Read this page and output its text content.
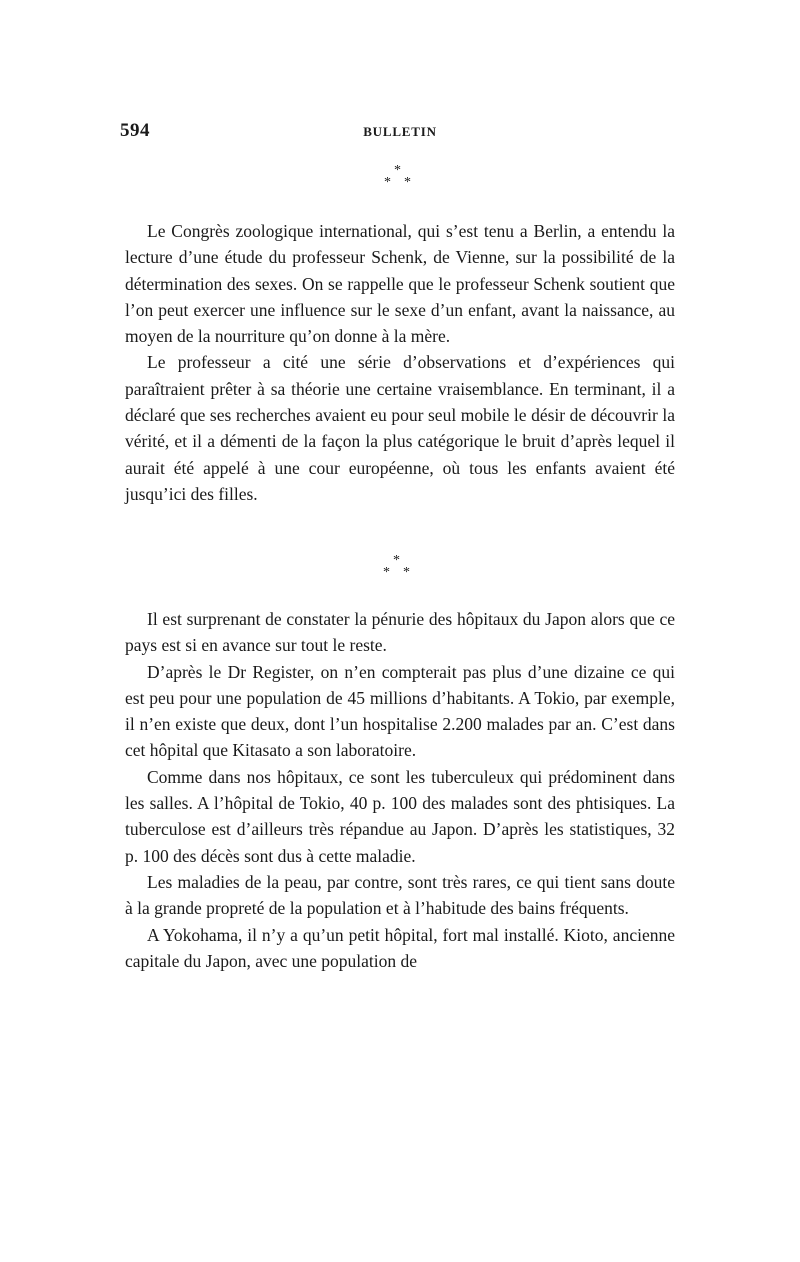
594	BULLETIN
*
* *

Le Congrès zoologique international, qui s’est tenu a Berlin, a entendu la lecture d’une étude du professeur Schenk, de Vienne, sur la possibilité de la détermination des sexes. On se rappelle que le professeur Schenk soutient que l’on peut exercer une influence sur le sexe d’un enfant, avant la naissance, au moyen de la nourriture qu’on donne à la mère.

Le professeur a cité une série d’observations et d’expériences qui paraîtraient prêter à sa théorie une certaine vraisemblance. En terminant, il a déclaré que ses recherches avaient eu pour seul mobile le désir de découvrir la vérité, et il a démenti de la façon la plus catégorique le bruit d’après lequel il aurait été appelé à une cour européenne, où tous les enfants avaient été jusqu’ici des filles.

*
* *

Il est surprenant de constater la pénurie des hôpitaux du Japon alors que ce pays est si en avance sur tout le reste.

D’après le Dr Register, on n’en compterait pas plus d’une dizaine ce qui est peu pour une population de 45 millions d’habitants. A Tokio, par exemple, il n’en existe que deux, dont l’un hospitalise 2.200 malades par an. C’est dans cet hôpital que Kitasato a son laboratoire.

Comme dans nos hôpitaux, ce sont les tuberculeux qui prédominent dans les salles. A l’hôpital de Tokio, 40 p. 100 des malades sont des phtisiques. La tuberculose est d’ailleurs très répandue au Japon. D’après les statistiques, 32 p. 100 des décès sont dus à cette maladie.

Les maladies de la peau, par contre, sont très rares, ce qui tient sans doute à la grande propreté de la population et à l’habitude des bains fréquents.

A Yokohama, il n’y a qu’un petit hôpital, fort mal installé. Kioto, ancienne capitale du Japon, avec une population de
